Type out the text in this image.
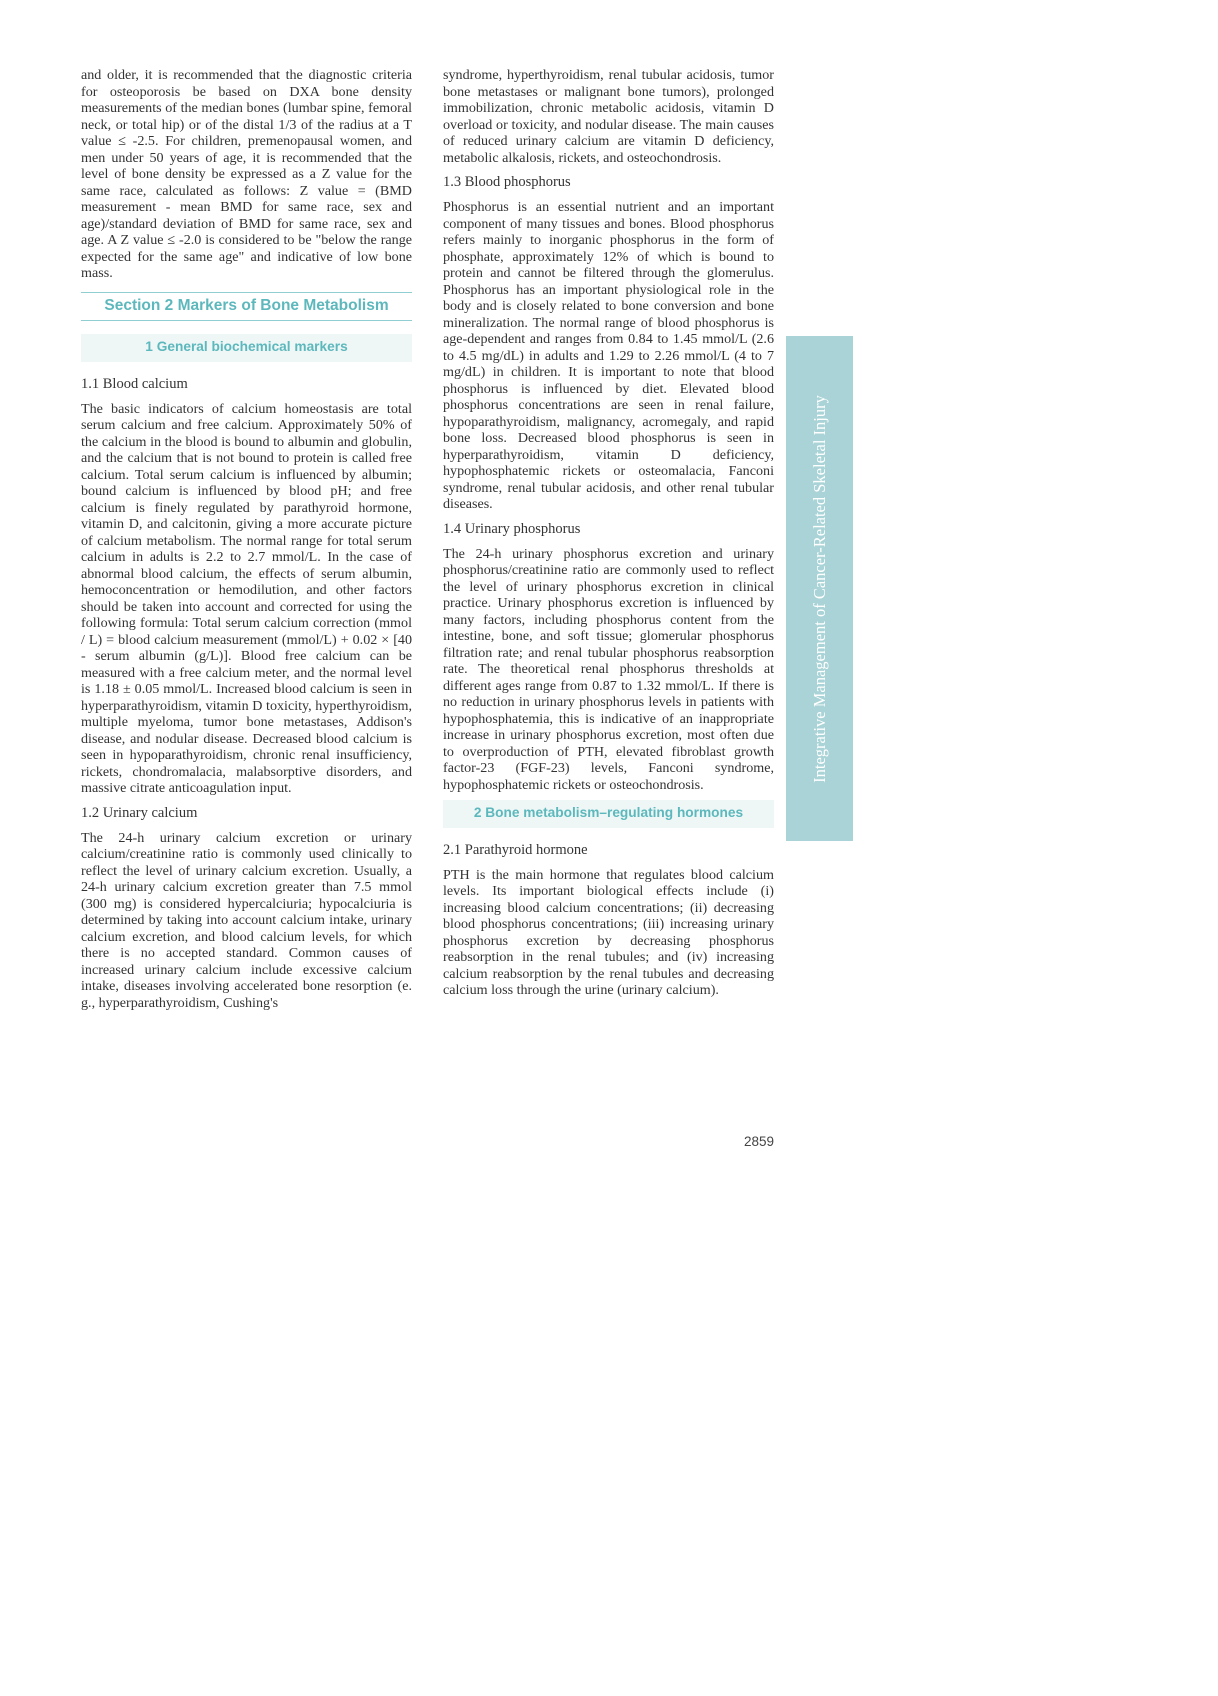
and older, it is recommended that the diagnostic criteria for osteoporosis be based on DXA bone density measurements of the median bones (lumbar spine, femoral neck, or total hip) or of the distal 1/3 of the radius at a T value ≤ -2.5. For children, premenopausal women, and men under 50 years of age, it is recommended that the level of bone density be expressed as a Z value for the same race, calculated as follows: Z value = (BMD measurement - mean BMD for same race, sex and age)/standard deviation of BMD for same race, sex and age. A Z value ≤ -2.0 is considered to be "below the range expected for the same age" and indicative of low bone mass.

Section 2 Markers of Bone Metabolism
1 General biochemical markers
1.1 Blood calcium

The basic indicators of calcium homeostasis are total serum calcium and free calcium. Approximately 50% of the calcium in the blood is bound to albumin and globulin, and the calcium that is not bound to protein is called free calcium. Total serum calcium is influenced by albumin; bound calcium is influenced by blood pH; and free calcium is finely regulated by parathyroid hormone, vitamin D, and calcitonin, giving a more accurate picture of calcium metabolism. The normal range for total serum calcium in adults is 2.2 to 2.7 mmol/L. In the case of abnormal blood calcium, the effects of serum albumin, hemoconcentration or hemodilution, and other factors should be taken into account and corrected for using the following formula: Total serum calcium correction (mmol / L) = blood calcium measurement (mmol/L) + 0.02 × [40 - serum albumin (g/L)]. Blood free calcium can be measured with a free calcium meter, and the normal level is 1.18 ± 0.05 mmol/L. Increased blood calcium is seen in hyperparathyroidism, vitamin D toxicity, hyperthyroidism, multiple myeloma, tumor bone metastases, Addison's disease, and nodular disease. Decreased blood calcium is seen in hypoparathyroidism, chronic renal insufficiency, rickets, chondromalacia, malabsorptive disorders, and massive citrate anticoagulation input.

1.2 Urinary calcium

The 24-h urinary calcium excretion or urinary calcium/creatinine ratio is commonly used clinically to reflect the level of urinary calcium excretion. Usually, a 24-h urinary calcium excretion greater than 7.5 mmol (300 mg) is considered hypercalciuria; hypocalciuria is determined by taking into account calcium intake, urinary calcium excretion, and blood calcium levels, for which there is no accepted standard. Common causes of increased urinary calcium include excessive calcium intake, diseases involving accelerated bone resorption (e. g., hyperparathyroidism, Cushing's

syndrome, hyperthyroidism, renal tubular acidosis, tumor bone metastases or malignant bone tumors), prolonged immobilization, chronic metabolic acidosis, vitamin D overload or toxicity, and nodular disease. The main causes of reduced urinary calcium are vitamin D deficiency, metabolic alkalosis, rickets, and osteochondrosis.

1.3 Blood phosphorus

Phosphorus is an essential nutrient and an important component of many tissues and bones. Blood phosphorus refers mainly to inorganic phosphorus in the form of phosphate, approximately 12% of which is bound to protein and cannot be filtered through the glomerulus. Phosphorus has an important physiological role in the body and is closely related to bone conversion and bone mineralization. The normal range of blood phosphorus is age-dependent and ranges from 0.84 to 1.45 mmol/L (2.6 to 4.5 mg/dL) in adults and 1.29 to 2.26 mmol/L (4 to 7 mg/dL) in children. It is important to note that blood phosphorus is influenced by diet. Elevated blood phosphorus concentrations are seen in renal failure, hypoparathyroidism, malignancy, acromegaly, and rapid bone loss. Decreased blood phosphorus is seen in hyperparathyroidism, vitamin D deficiency, hypophosphatemic rickets or osteomalacia, Fanconi syndrome, renal tubular acidosis, and other renal tubular diseases.

1.4 Urinary phosphorus

The 24-h urinary phosphorus excretion and urinary phosphorus/creatinine ratio are commonly used to reflect the level of urinary phosphorus excretion in clinical practice. Urinary phosphorus excretion is influenced by many factors, including phosphorus content from the intestine, bone, and soft tissue; glomerular phosphorus filtration rate; and renal tubular phosphorus reabsorption rate. The theoretical renal phosphorus thresholds at different ages range from 0.87 to 1.32 mmol/L. If there is no reduction in urinary phosphorus levels in patients with hypophosphatemia, this is indicative of an inappropriate increase in urinary phosphorus excretion, most often due to overproduction of PTH, elevated fibroblast growth factor-23 (FGF-23) levels, Fanconi syndrome, hypophosphatemic rickets or osteochondrosis.

2 Bone metabolism–regulating hormones
2.1 Parathyroid hormone

PTH is the main hormone that regulates blood calcium levels. Its important biological effects include (i) increasing blood calcium concentrations; (ii) decreasing blood phosphorus concentrations; (iii) increasing urinary phosphorus excretion by decreasing phosphorus reabsorption in the renal tubules; and (iv) increasing calcium reabsorption by the renal tubules and decreasing calcium loss through the urine (urinary calcium).

2859
Integrative Management of Cancer-Related Skeletal Injury
